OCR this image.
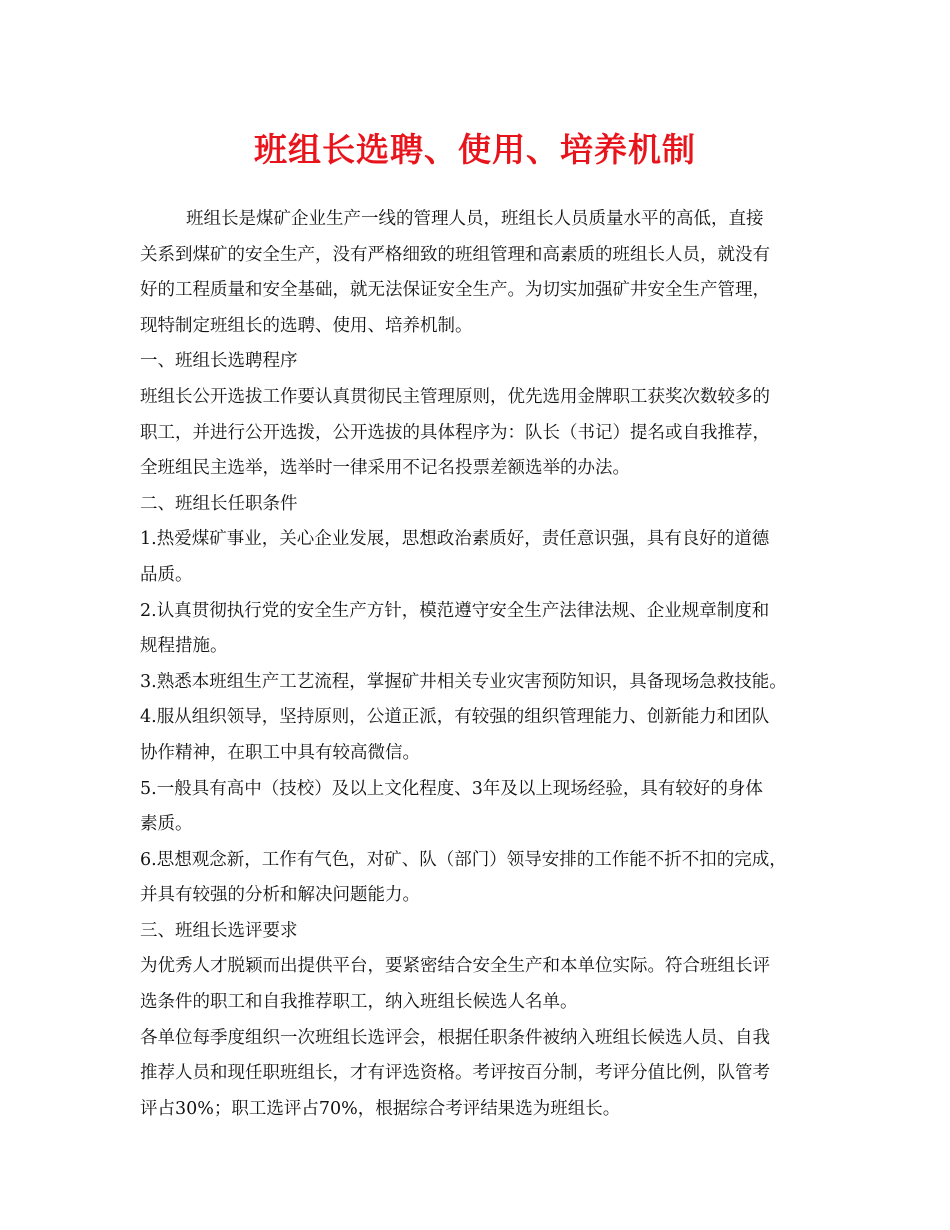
班组长选聘、使用、培养机制

班组长是煤矿企业生产一线的管理人员，班组长人员质量水平的高低，直接

关系到煤矿的安全生产，没有严格细致的班组管理和高素质的班组长人员，就没有

好的工程质量和安全基础，就无法保证安全生产。为切实加强矿井安全生产管理，

现特制定班组长的选聘、使用、培养机制。

一、班组长选聘程序

班组长公开选拔工作要认真贯彻民主管理原则，优先选用金牌职工获奖次数较多的

职工，并进行公开选拨，公开选拔的具体程序为：队长（书记）提名或自我推荐，

全班组民主选举，选举时一律采用不记名投票差额选举的办法。

二、班组长任职条件

1.热爱煤矿事业，关心企业发展，思想政治素质好，责任意识强，具有良好的道德

品质。

2.认真贯彻执行党的安全生产方针，模范遵守安全生产法律法规、企业规章制度和

规程措施。

3.熟悉本班组生产工艺流程，掌握矿井相关专业灾害预防知识，具备现场急救技能。

4.服从组织领导，坚持原则，公道正派，有较强的组织管理能力、创新能力和团队

协作精神，在职工中具有较高微信。

5.一般具有高中（技校）及以上文化程度、3年及以上现场经验，具有较好的身体

素质。

6.思想观念新，工作有气色，对矿、队（部门）领导安排的工作能不折不扣的完成，

并具有较强的分析和解决问题能力。

三、班组长选评要求

为优秀人才脱颖而出提供平台，要紧密结合安全生产和本单位实际。符合班组长评

选条件的职工和自我推荐职工，纳入班组长候选人名单。

各单位每季度组织一次班组长选评会，根据任职条件被纳入班组长候选人员、自我

推荐人员和现任职班组长，才有评选资格。考评按百分制，考评分值比例，队管考

评占30%；职工选评占70%，根据综合考评结果选为班组长。
